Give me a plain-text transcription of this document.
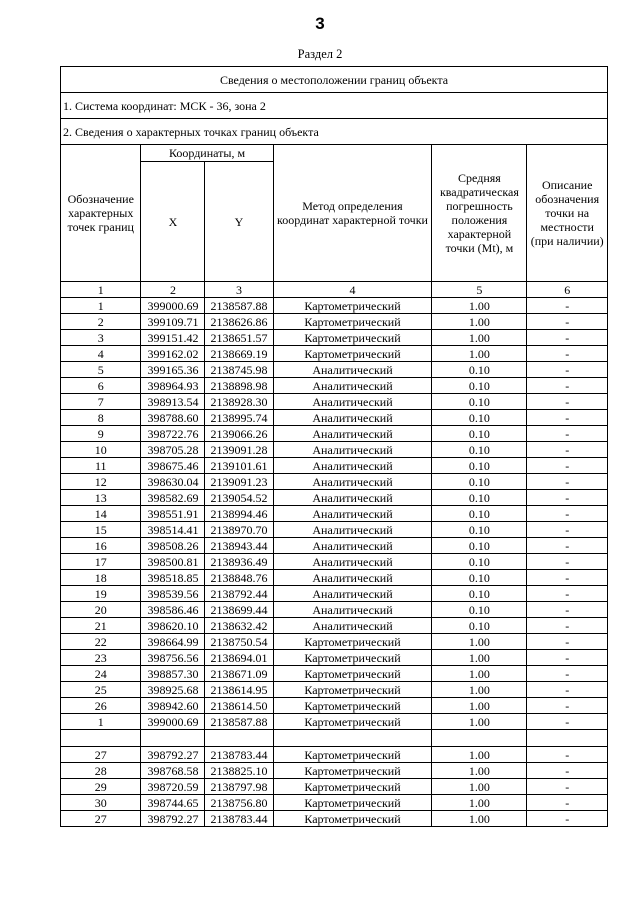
3
Раздел 2
Сведения о местоположении границ объекта					
1. Система координат: МСК - 36, зона 2					
2. Сведения о характерных точках границ объекта					
Обозначение характерных точек границ	Координаты, м		Метод определения координат характерной точки	Средняя квадратическая погрешность положения характерной точки (Mt), м	Описание обозначения точки на местности (при наличии)
	X	Y			
1	2	3	4	5	6
1	399000.69	2138587.88	Картометрический	1.00	-
2	399109.71	2138626.86	Картометрический	1.00	-
3	399151.42	2138651.57	Картометрический	1.00	-
4	399162.02	2138669.19	Картометрический	1.00	-
5	399165.36	2138745.98	Аналитический	0.10	-
6	398964.93	2138898.98	Аналитический	0.10	-
7	398913.54	2138928.30	Аналитический	0.10	-
8	398788.60	2138995.74	Аналитический	0.10	-
9	398722.76	2139066.26	Аналитический	0.10	-
10	398705.28	2139091.28	Аналитический	0.10	-
11	398675.46	2139101.61	Аналитический	0.10	-
12	398630.04	2139091.23	Аналитический	0.10	-
13	398582.69	2139054.52	Аналитический	0.10	-
14	398551.91	2138994.46	Аналитический	0.10	-
15	398514.41	2138970.70	Аналитический	0.10	-
16	398508.26	2138943.44	Аналитический	0.10	-
17	398500.81	2138936.49	Аналитический	0.10	-
18	398518.85	2138848.76	Аналитический	0.10	-
19	398539.56	2138792.44	Аналитический	0.10	-
20	398586.46	2138699.44	Аналитический	0.10	-
21	398620.10	2138632.42	Аналитический	0.10	-
22	398664.99	2138750.54	Картометрический	1.00	-
23	398756.56	2138694.01	Картометрический	1.00	-
24	398857.30	2138671.09	Картометрический	1.00	-
25	398925.68	2138614.95	Картометрический	1.00	-
26	398942.60	2138614.50	Картометрический	1.00	-
1	399000.69	2138587.88	Картометрический	1.00	-

27	398792.27	2138783.44	Картометрический	1.00	-
28	398768.58	2138825.10	Картометрический	1.00	-
29	398720.59	2138797.98	Картометрический	1.00	-
30	398744.65	2138756.80	Картометрический	1.00	-
27	398792.27	2138783.44	Картометрический	1.00	-
